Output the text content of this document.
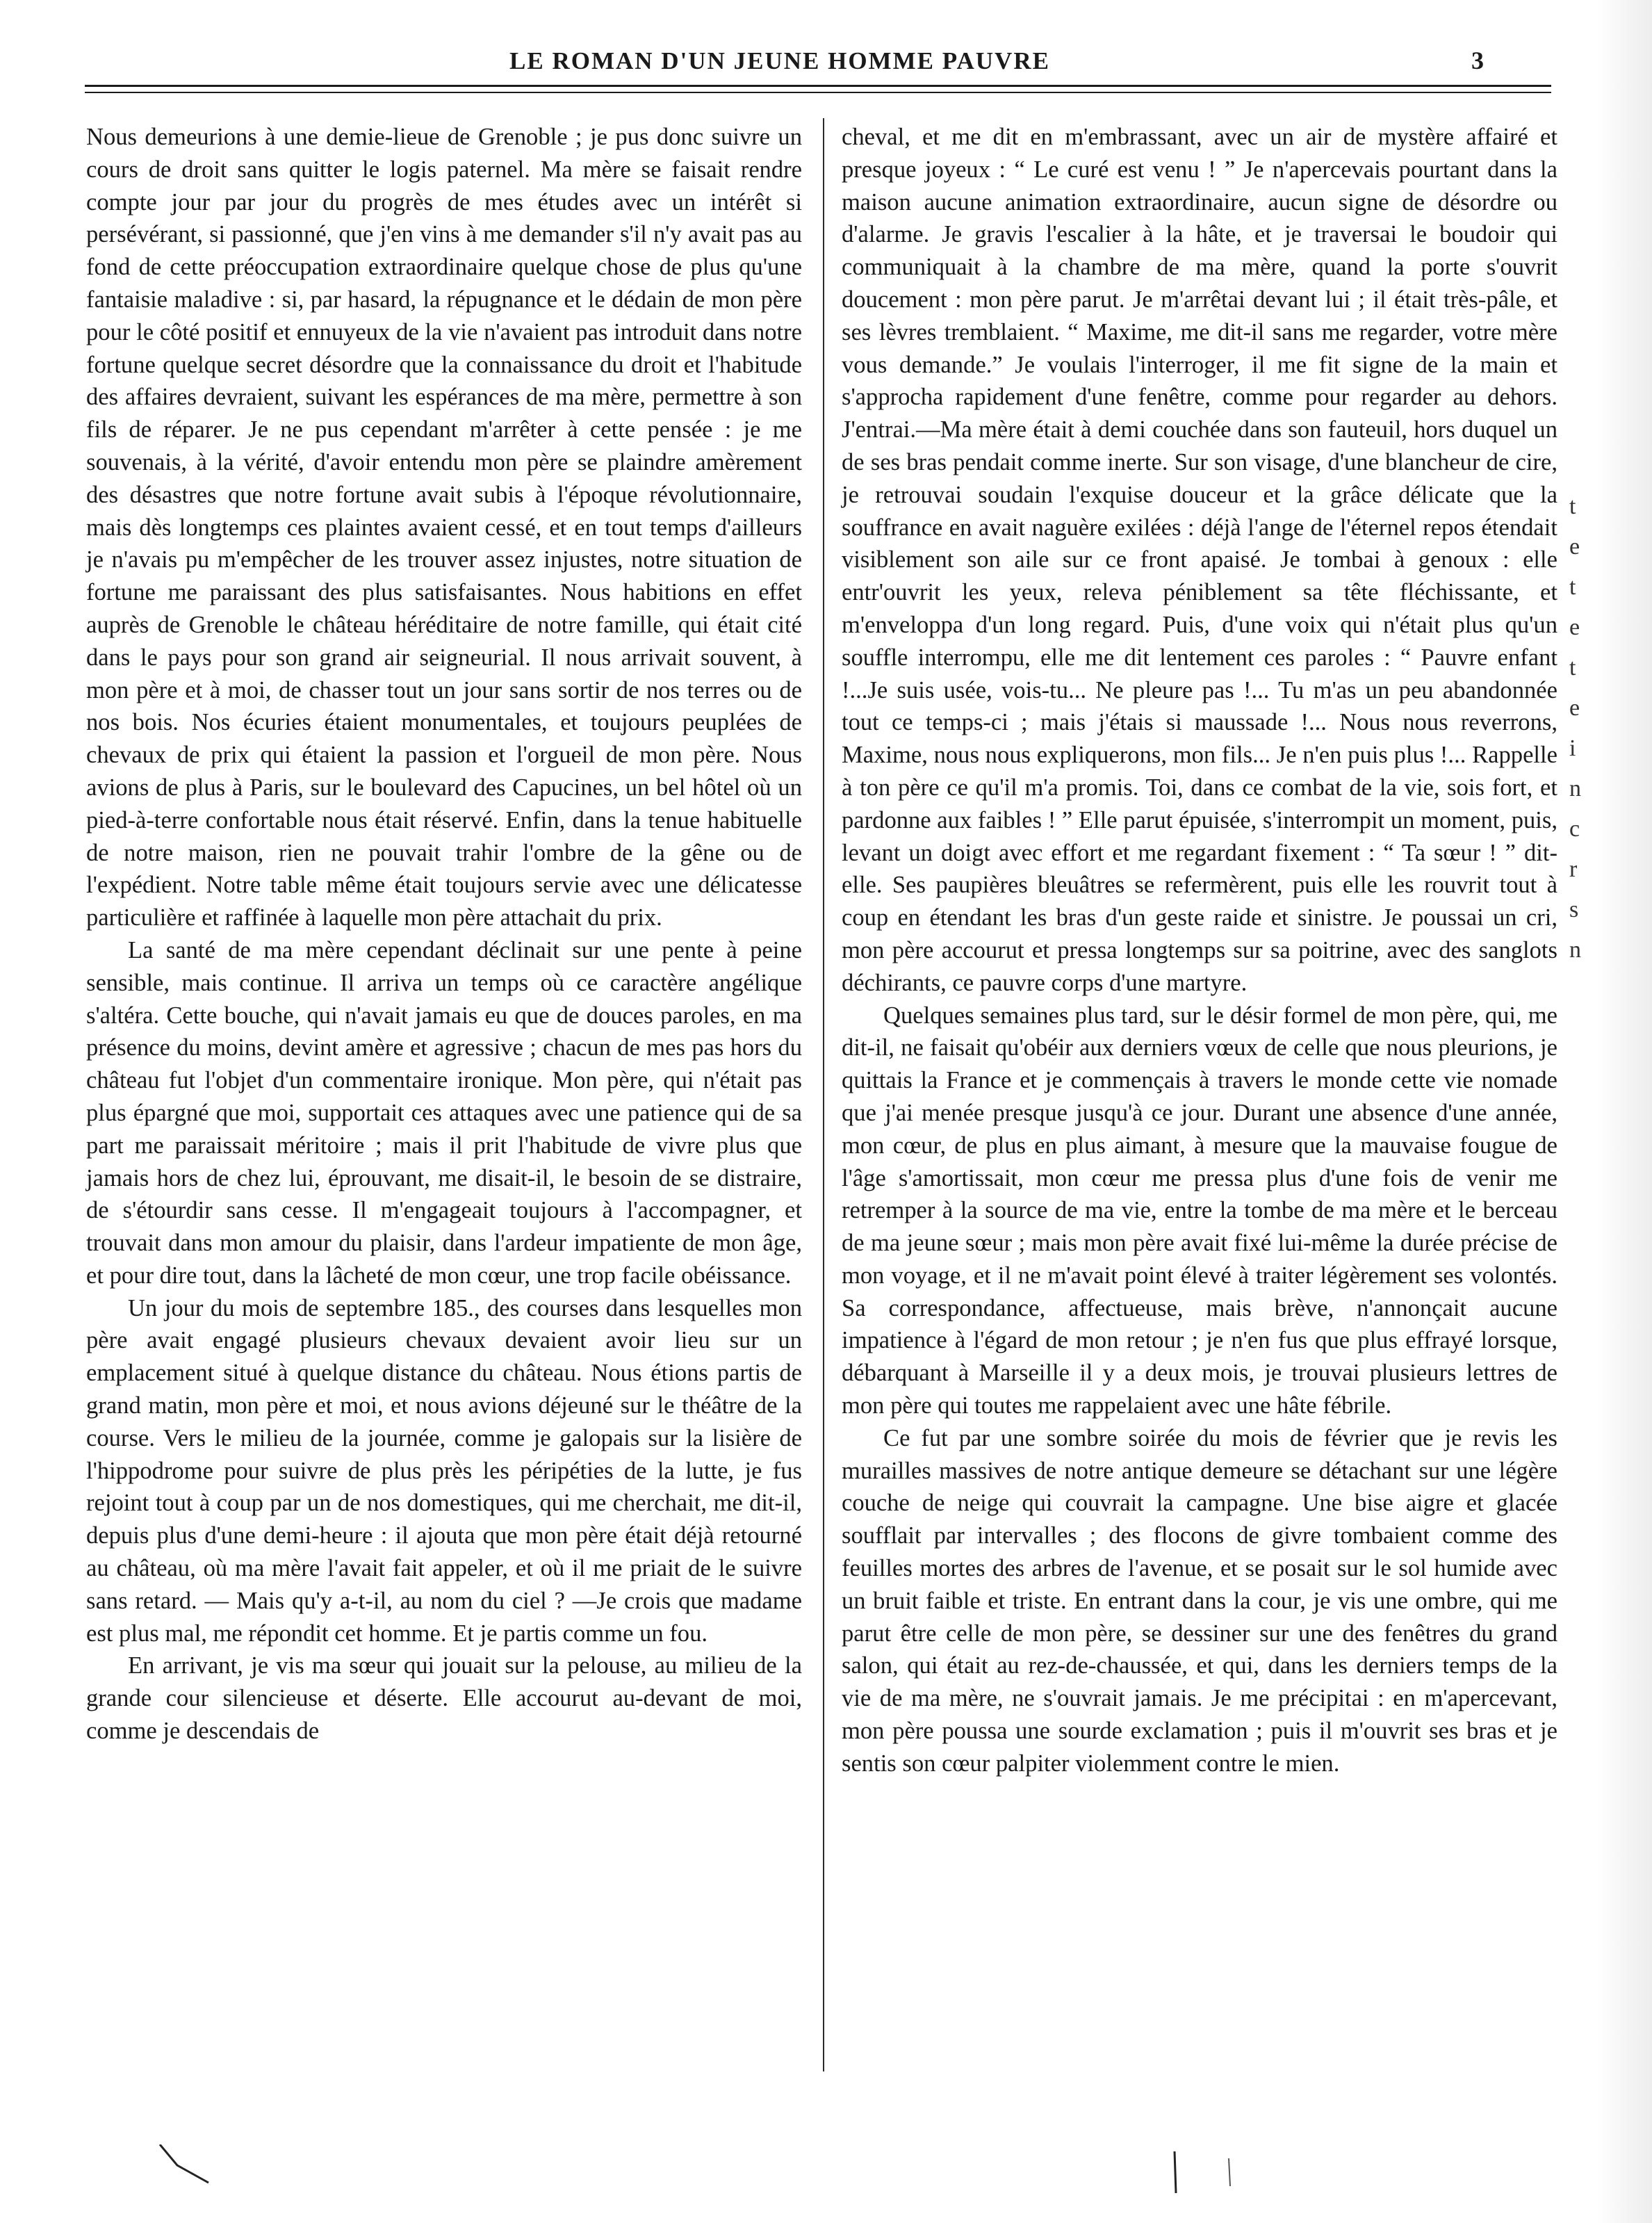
LE ROMAN D'UN JEUNE HOMME PAUVRE	3

Nous demeurions à une demie-lieue de Grenoble ; je pus donc suivre un cours de droit sans quitter le logis paternel. Ma mère se faisait rendre compte jour par jour du progrès de mes études avec un intérêt si persévérant, si passionné, que j'en vins à me demander s'il n'y avait pas au fond de cette préoccupation extraordinaire quelque chose de plus qu'une fantaisie maladive : si, par hasard, la répugnance et le dédain de mon père pour le côté positif et ennuyeux de la vie n'avaient pas introduit dans notre fortune quelque secret désordre que la connaissance du droit et l'habitude des affaires devraient, suivant les espérances de ma mère, permettre à son fils de réparer. Je ne pus cependant m'arrêter à cette pensée : je me souvenais, à la vérité, d'avoir entendu mon père se plaindre amèrement des désastres que notre fortune avait subis à l'époque révolutionnaire, mais dès longtemps ces plaintes avaient cessé, et en tout temps d'ailleurs je n'avais pu m'empêcher de les trouver assez injustes, notre situation de fortune me paraissant des plus satisfaisantes. Nous habitions en effet auprès de Grenoble le château héréditaire de notre famille, qui était cité dans le pays pour son grand air seigneurial. Il nous arrivait souvent, à mon père et à moi, de chasser tout un jour sans sortir de nos terres ou de nos bois. Nos écuries étaient monumentales, et toujours peuplées de chevaux de prix qui étaient la passion et l'orgueil de mon père. Nous avions de plus à Paris, sur le boulevard des Capucines, un bel hôtel où un pied-à-terre confortable nous était réservé. Enfin, dans la tenue habituelle de notre maison, rien ne pouvait trahir l'ombre de la gêne ou de l'expédient. Notre table même était toujours servie avec une délicatesse particulière et raffinée à laquelle mon père attachait du prix.

La santé de ma mère cependant déclinait sur une pente à peine sensible, mais continue. Il arriva un temps où ce caractère angélique s'altéra. Cette bouche, qui n'avait jamais eu que de douces paroles, en ma présence du moins, devint amère et agressive ; chacun de mes pas hors du château fut l'objet d'un commentaire ironique. Mon père, qui n'était pas plus épargné que moi, supportait ces attaques avec une patience qui de sa part me paraissait méritoire ; mais il prit l'habitude de vivre plus que jamais hors de chez lui, éprouvant, me disait-il, le besoin de se distraire, de s'étourdir sans cesse. Il m'engageait toujours à l'accompagner, et trouvait dans mon amour du plaisir, dans l'ardeur impatiente de mon âge, et pour dire tout, dans la lâcheté de mon cœur, une trop facile obéissance.

Un jour du mois de septembre 185., des courses dans lesquelles mon père avait engagé plusieurs chevaux devaient avoir lieu sur un emplacement situé à quelque distance du château. Nous étions partis de grand matin, mon père et moi, et nous avions déjeuné sur le théâtre de la course. Vers le milieu de la journée, comme je galopais sur la lisière de l'hippodrome pour suivre de plus près les péripéties de la lutte, je fus rejoint tout à coup par un de nos domestiques, qui me cherchait, me dit-il, depuis plus d'une demi-heure : il ajouta que mon père était déjà retourné au château, où ma mère l'avait fait appeler, et où il me priait de le suivre sans retard. — Mais qu'y a-t-il, au nom du ciel ? —Je crois que madame est plus mal, me répondit cet homme. Et je partis comme un fou.

En arrivant, je vis ma sœur qui jouait sur la pelouse, au milieu de la grande cour silencieuse et déserte. Elle accourut au-devant de moi, comme je descendais de

cheval, et me dit en m'embrassant, avec un air de mystère affairé et presque joyeux : “ Le curé est venu ! ” Je n'apercevais pourtant dans la maison aucune animation extraordinaire, aucun signe de désordre ou d'alarme. Je gravis l'escalier à la hâte, et je traversai le boudoir qui communiquait à la chambre de ma mère, quand la porte s'ouvrit doucement : mon père parut. Je m'arrêtai devant lui ; il était très-pâle, et ses lèvres tremblaient. “ Maxime, me dit-il sans me regarder, votre mère vous demande.” Je voulais l'interroger, il me fit signe de la main et s'approcha rapidement d'une fenêtre, comme pour regarder au dehors. J'entrai.—Ma mère était à demi couchée dans son fauteuil, hors duquel un de ses bras pendait comme inerte. Sur son visage, d'une blancheur de cire, je retrouvai soudain l'exquise douceur et la grâce délicate que la souffrance en avait naguère exilées : déjà l'ange de l'éternel repos étendait visiblement son aile sur ce front apaisé. Je tombai à genoux : elle entr'ouvrit les yeux, releva péniblement sa tête fléchissante, et m'enveloppa d'un long regard. Puis, d'une voix qui n'était plus qu'un souffle interrompu, elle me dit lentement ces paroles : “ Pauvre enfant !...Je suis usée, vois-tu... Ne pleure pas !... Tu m'as un peu abandonnée tout ce temps-ci ; mais j'étais si maussade !... Nous nous reverrons, Maxime, nous nous expliquerons, mon fils... Je n'en puis plus !... Rappelle à ton père ce qu'il m'a promis. Toi, dans ce combat de la vie, sois fort, et pardonne aux faibles ! ” Elle parut épuisée, s'interrompit un moment, puis, levant un doigt avec effort et me regardant fixement : “ Ta sœur ! ” dit-elle. Ses paupières bleuâtres se refermèrent, puis elle les rouvrit tout à coup en étendant les bras d'un geste raide et sinistre. Je poussai un cri, mon père accourut et pressa longtemps sur sa poitrine, avec des sanglots déchirants, ce pauvre corps d'une martyre.

Quelques semaines plus tard, sur le désir formel de mon père, qui, me dit-il, ne faisait qu'obéir aux derniers vœux de celle que nous pleurions, je quittais la France et je commençais à travers le monde cette vie nomade que j'ai menée presque jusqu'à ce jour. Durant une absence d'une année, mon cœur, de plus en plus aimant, à mesure que la mauvaise fougue de l'âge s'amortissait, mon cœur me pressa plus d'une fois de venir me retremper à la source de ma vie, entre la tombe de ma mère et le berceau de ma jeune sœur ; mais mon père avait fixé lui-même la durée précise de mon voyage, et il ne m'avait point élevé à traiter légèrement ses volontés. Sa correspondance, affectueuse, mais brève, n'annonçait aucune impatience à l'égard de mon retour ; je n'en fus que plus effrayé lorsque, débarquant à Marseille il y a deux mois, je trouvai plusieurs lettres de mon père qui toutes me rappelaient avec une hâte fébrile.

Ce fut par une sombre soirée du mois de février que je revis les murailles massives de notre antique demeure se détachant sur une légère couche de neige qui couvrait la campagne. Une bise aigre et glacée soufflait par intervalles ; des flocons de givre tombaient comme des feuilles mortes des arbres de l'avenue, et se posait sur le sol humide avec un bruit faible et triste. En entrant dans la cour, je vis une ombre, qui me parut être celle de mon père, se dessiner sur une des fenêtres du grand salon, qui était au rez-de-chaussée, et qui, dans les derniers temps de la vie de ma mère, ne s'ouvrait jamais. Je me précipitai : en m'apercevant, mon père poussa une sourde exclamation ; puis il m'ouvrit ses bras et je sentis son cœur palpiter violemment contre le mien.

t
e
t
e
t
e
i
n
c
r
s
n
